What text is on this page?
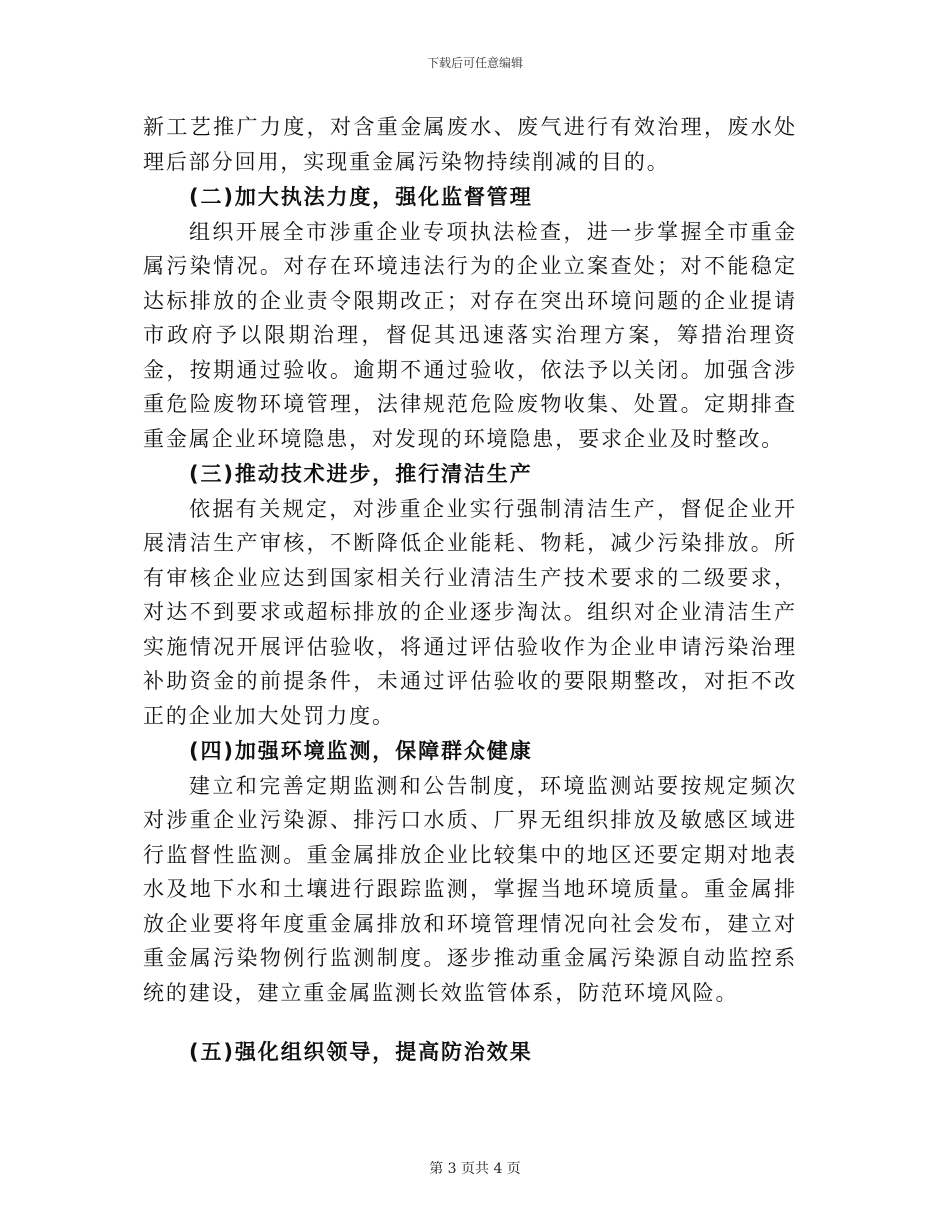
下载后可任意编辑

新工艺推广力度，对含重金属废水、废气进行有效治理，废水处理后部分回用，实现重金属污染物持续削减的目的。

(二)加大执法力度，强化监督管理

组织开展全市涉重企业专项执法检查，进一步掌握全市重金属污染情况。对存在环境违法行为的企业立案查处；对不能稳定达标排放的企业责令限期改正；对存在突出环境问题的企业提请市政府予以限期治理，督促其迅速落实治理方案，筹措治理资金，按期通过验收。逾期不通过验收，依法予以关闭。加强含涉重危险废物环境管理，法律规范危险废物收集、处置。定期排查重金属企业环境隐患，对发现的环境隐患，要求企业及时整改。

(三)推动技术进步，推行清洁生产

依据有关规定，对涉重企业实行强制清洁生产，督促企业开展清洁生产审核，不断降低企业能耗、物耗，减少污染排放。所有审核企业应达到国家相关行业清洁生产技术要求的二级要求，对达不到要求或超标排放的企业逐步淘汰。组织对企业清洁生产实施情况开展评估验收，将通过评估验收作为企业申请污染治理补助资金的前提条件，未通过评估验收的要限期整改，对拒不改正的企业加大处罚力度。

(四)加强环境监测，保障群众健康

建立和完善定期监测和公告制度，环境监测站要按规定频次对涉重企业污染源、排污口水质、厂界无组织排放及敏感区域进行监督性监测。重金属排放企业比较集中的地区还要定期对地表水及地下水和土壤进行跟踪监测，掌握当地环境质量。重金属排放企业要将年度重金属排放和环境管理情况向社会发布，建立对重金属污染物例行监测制度。逐步推动重金属污染源自动监控系统的建设，建立重金属监测长效监管体系，防范环境风险。

(五)强化组织领导，提高防治效果
第 3 页共 4 页
